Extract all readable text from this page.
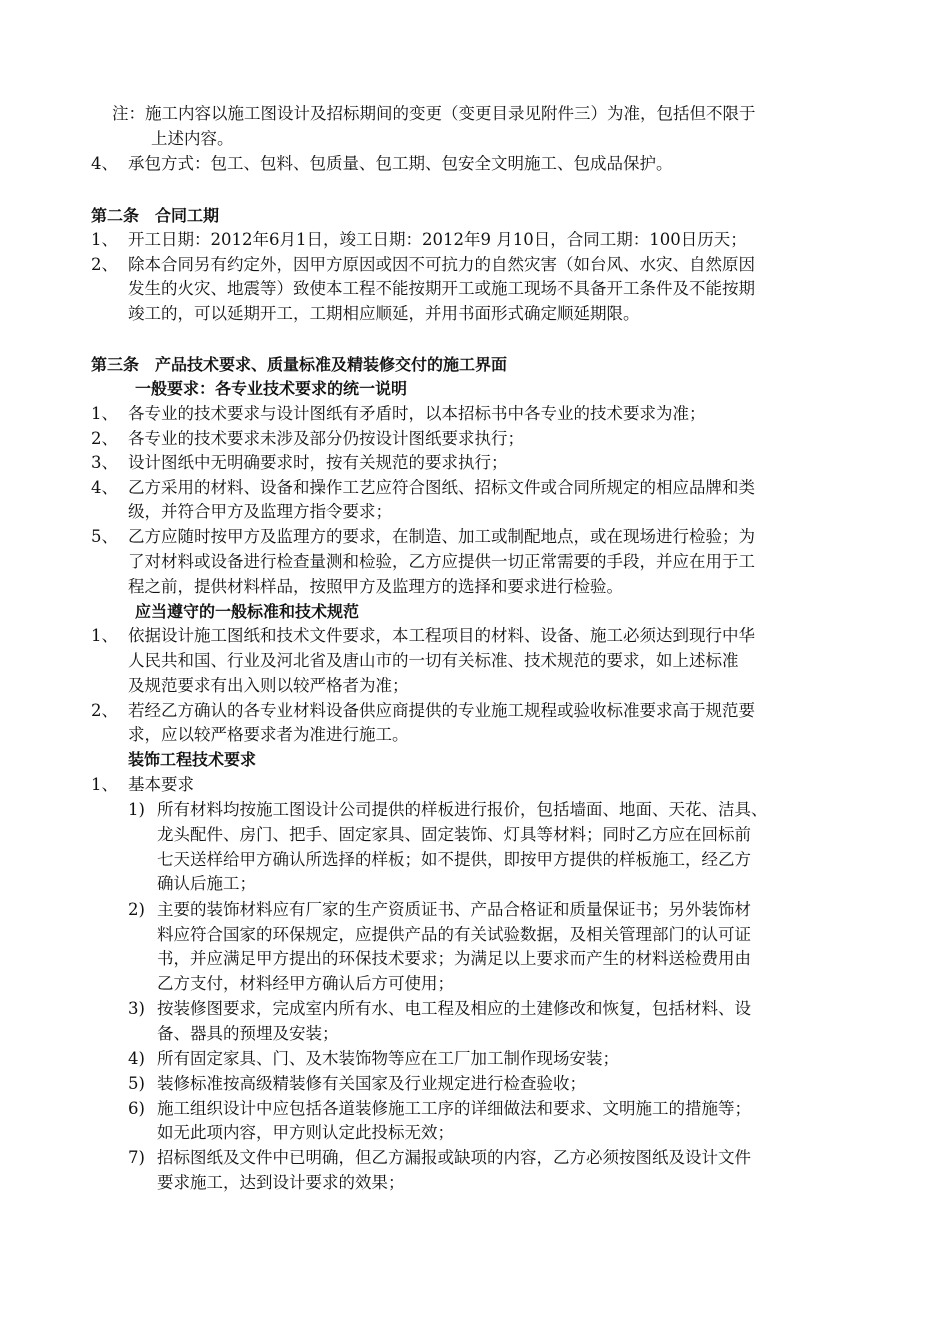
注：施工内容以施工图设计及招标期间的变更（变更目录见附件三）为准，包括但不限于
上述内容。
4、 承包方式：包工、包料、包质量、包工期、包安全文明施工、包成品保护。
第二条　合同工期
1、 开工日期：2012年6月1日，竣工日期：2012年9 月10日，合同工期：100日历天；
2、 除本合同另有约定外，因甲方原因或因不可抗力的自然灾害（如台风、水灾、自然原因
发生的火灾、地震等）致使本工程不能按期开工或施工现场不具备开工条件及不能按期
竣工的，可以延期开工，工期相应顺延，并用书面形式确定顺延期限。
第三条　产品技术要求、质量标准及精装修交付的施工界面
一般要求：各专业技术要求的统一说明
1、 各专业的技术要求与设计图纸有矛盾时，以本招标书中各专业的技术要求为准；
2、 各专业的技术要求未涉及部分仍按设计图纸要求执行；
3、 设计图纸中无明确要求时，按有关规范的要求执行；
4、 乙方采用的材料、设备和操作工艺应符合图纸、招标文件或合同所规定的相应品牌和类
级，并符合甲方及监理方指令要求；
5、 乙方应随时按甲方及监理方的要求，在制造、加工或制配地点，或在现场进行检验；为
了对材料或设备进行检查量测和检验，乙方应提供一切正常需要的手段，并应在用于工
程之前，提供材料样品，按照甲方及监理方的选择和要求进行检验。
应当遵守的一般标准和技术规范
1、 依据设计施工图纸和技术文件要求，本工程项目的材料、设备、施工必须达到现行中华
人民共和国、行业及河北省及唐山市的一切有关标准、技术规范的要求，如上述标准
及规范要求有出入则以较严格者为准；
2、 若经乙方确认的各专业材料设备供应商提供的专业施工规程或验收标准要求高于规范要
求，应以较严格要求者为准进行施工。
装饰工程技术要求
1、 基本要求
1) 所有材料均按施工图设计公司提供的样板进行报价，包括墙面、地面、天花、洁具、
龙头配件、房门、把手、固定家具、固定装饰、灯具等材料；同时乙方应在回标前
七天送样给甲方确认所选择的样板；如不提供，即按甲方提供的样板施工，经乙方
确认后施工；
2) 主要的装饰材料应有厂家的生产资质证书、产品合格证和质量保证书；另外装饰材
料应符合国家的环保规定，应提供产品的有关试验数据，及相关管理部门的认可证
书，并应满足甲方提出的环保技术要求；为满足以上要求而产生的材料送检费用由
乙方支付，材料经甲方确认后方可使用；
3) 按装修图要求，完成室内所有水、电工程及相应的土建修改和恢复，包括材料、设
备、器具的预埋及安装；
4) 所有固定家具、门、及木装饰物等应在工厂加工制作现场安装；
5) 装修标准按高级精装修有关国家及行业规定进行检查验收；
6) 施工组织设计中应包括各道装修施工工序的详细做法和要求、文明施工的措施等；
如无此项内容，甲方则认定此投标无效；
7) 招标图纸及文件中已明确，但乙方漏报或缺项的内容，乙方必须按图纸及设计文件
要求施工，达到设计要求的效果；
